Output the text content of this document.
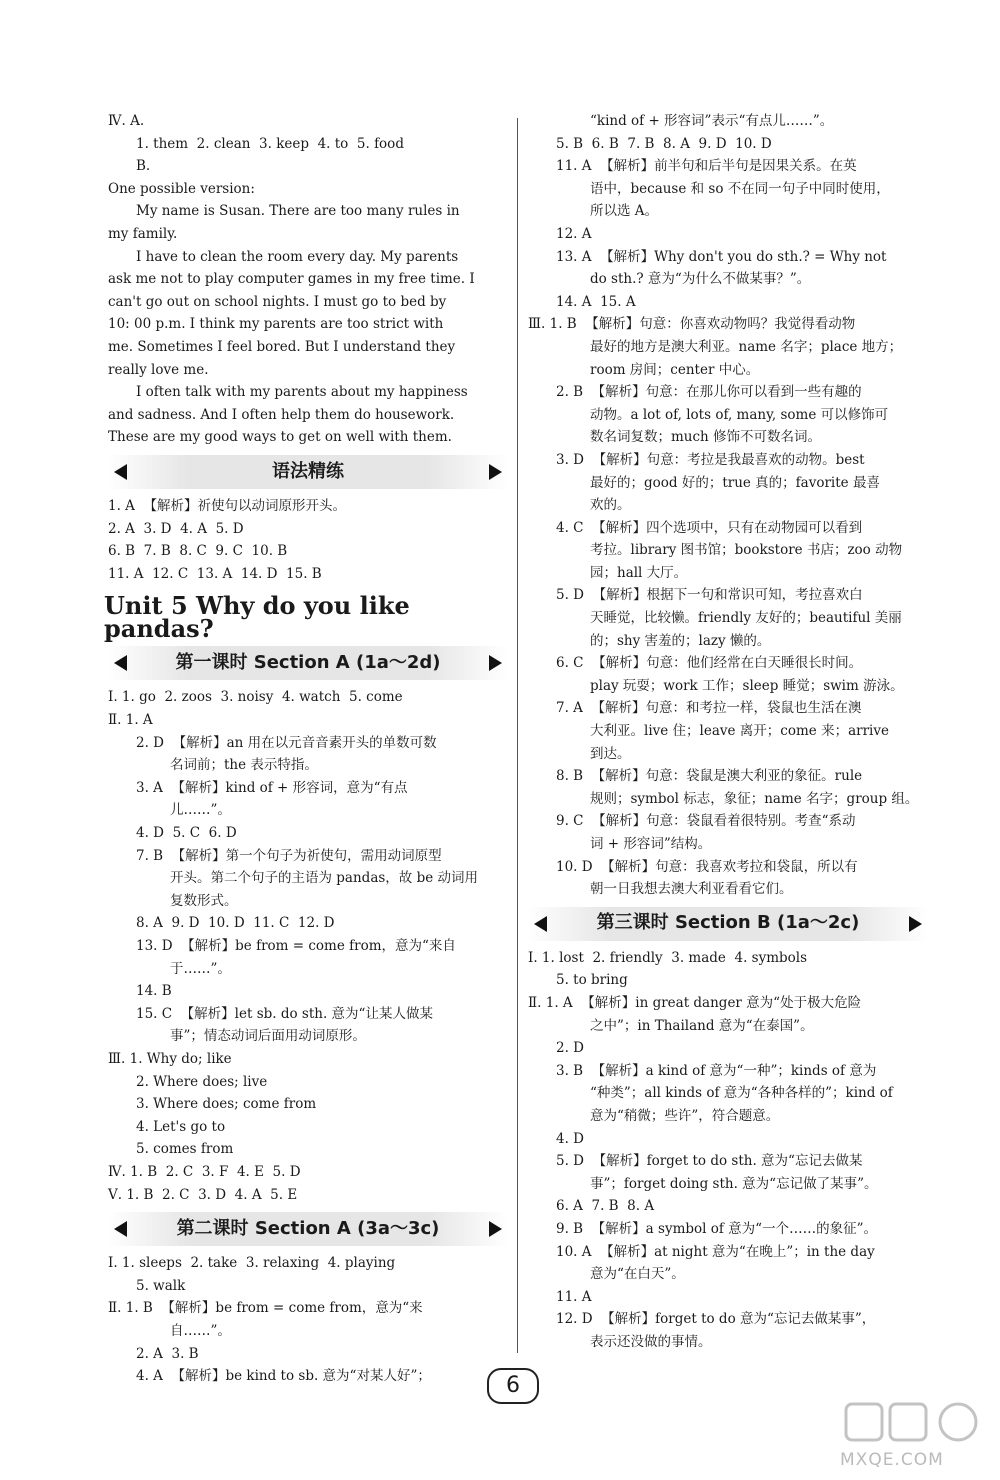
Ⅳ. A.
1. them  2. clean  3. keep  4. to  5. food
B.
One possible version:
My name is Susan. There are too many rules in
my family.
I have to clean the room every day. My parents
ask me not to play computer games in my free time. I
can't go out on school nights. I must go to bed by
10: 00 p.m. I think my parents are too strict with
me. Sometimes I feel bored. But I understand they
really love me.
I often talk with my parents about my happiness
and sadness. And I often help them do housework.
These are my good ways to get on well with them.
语法精练
1. A  【解析】祈使句以动词原形开头。
2. A  3. D  4. A  5. D
6. B  7. B  8. C  9. C  10. B
11. A  12. C  13. A  14. D  15. B
Unit 5 Why do you like pandas?
第一课时 Section A (1a～2d)
Ⅰ. 1. go  2. zoos  3. noisy  4. watch  5. come
Ⅱ. 1. A
2. D  【解析】an 用在以元音音素开头的单数可数
名词前；the 表示特指。
3. A  【解析】kind of + 形容词，意为“有点
儿……”。
4. D  5. C  6. D
7. B  【解析】第一个句子为祈使句，需用动词原型
开头。第二个句子的主语为 pandas，故 be 动词用
复数形式。
8. A  9. D  10. D  11. C  12. D
13. D  【解析】be from = come from，意为“来自
于……”。
14. B
15. C  【解析】let sb. do sth. 意为“让某人做某
事”；情态动词后面用动词原形。
Ⅲ. 1. Why do; like
2. Where does; live
3. Where does; come from
4. Let's go to
5. comes from
Ⅳ. 1. B  2. C  3. F  4. E  5. D
Ⅴ. 1. B  2. C  3. D  4. A  5. E
第二课时 Section A (3a～3c)
Ⅰ. 1. sleeps  2. take  3. relaxing  4. playing
5. walk
Ⅱ. 1. B  【解析】be from = come from，意为“来
自……”。
2. A  3. B
4. A  【解析】be kind to sb. 意为“对某人好”；
“kind of + 形容词”表示“有点儿……”。
5. B  6. B  7. B  8. A  9. D  10. D
11. A  【解析】前半句和后半句是因果关系。在英
语中，because 和 so 不在同一句子中同时使用，
所以选 A。
12. A
13. A  【解析】Why don't you do sth.? = Why not
do sth.? 意为“为什么不做某事？”。
14. A  15. A
Ⅲ. 1. B  【解析】句意：你喜欢动物吗？我觉得看动物
最好的地方是澳大利亚。name 名字；place 地方；
room 房间；center 中心。
2. B  【解析】句意：在那儿你可以看到一些有趣的
动物。a lot of, lots of, many, some 可以修饰可
数名词复数；much 修饰不可数名词。
3. D  【解析】句意：考拉是我最喜欢的动物。best
最好的；good 好的；true 真的；favorite 最喜
欢的。
4. C  【解析】四个选项中，只有在动物园可以看到
考拉。library 图书馆；bookstore 书店；zoo 动物
园；hall 大厅。
5. D  【解析】根据下一句和常识可知，考拉喜欢白
天睡觉，比较懒。friendly 友好的；beautiful 美丽
的；shy 害羞的；lazy 懒的。
6. C  【解析】句意：他们经常在白天睡很长时间。
play 玩耍；work 工作；sleep 睡觉；swim 游泳。
7. A  【解析】句意：和考拉一样，袋鼠也生活在澳
大利亚。live 住；leave 离开；come 来；arrive
到达。
8. B  【解析】句意：袋鼠是澳大利亚的象征。rule
规则；symbol 标志，象征；name 名字；group 组。
9. C  【解析】句意：袋鼠看着很特别。考查“系动
词 + 形容词”结构。
10. D  【解析】句意：我喜欢考拉和袋鼠，所以有
朝一日我想去澳大利亚看看它们。
第三课时 Section B (1a～2c)
Ⅰ. 1. lost  2. friendly  3. made  4. symbols
5. to bring
Ⅱ. 1. A  【解析】in great danger 意为“处于极大危险
之中”；in Thailand 意为“在泰国”。
2. D
3. B  【解析】a kind of 意为“一种”；kinds of 意为
“种类”；all kinds of 意为“各种各样的”；kind of
意为“稍微；些许”，符合题意。
4. D
5. D  【解析】forget to do sth. 意为“忘记去做某
事”；forget doing sth. 意为“忘记做了某事”。
6. A  7. B  8. A
9. B  【解析】a symbol of 意为“一个……的象征”。
10. A  【解析】at night 意为“在晚上”；in the day
意为“在白天”。
11. A
12. D  【解析】forget to do 意为“忘记去做某事”，
表示还没做的事情。
6
MXQE.COM
